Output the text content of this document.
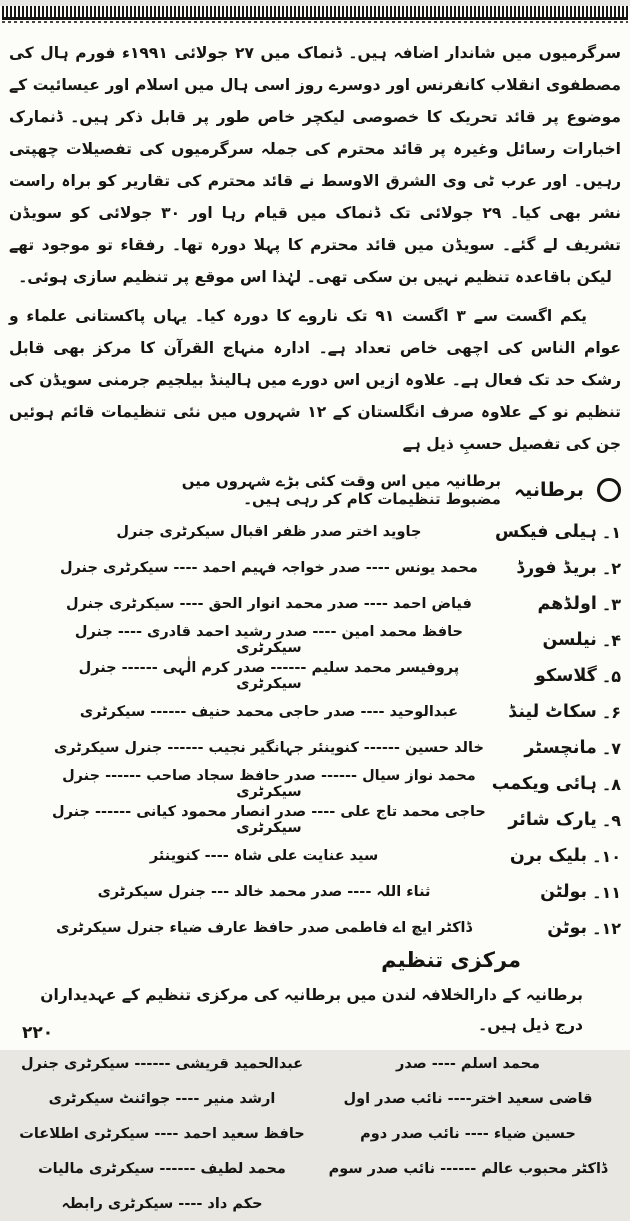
سرگرمیوں میں شاندار اضافہ ہیں۔ ڈنماک میں ۲۷ جولائی ۱۹۹۱ء فورم ہال کی مصطفوی انقلاب کانفرنس اور دوسرے روز اسی ہال میں اسلام اور عیسائیت کے موضوع پر قائد تحریک کا خصوصی لیکچر خاص طور پر قابل ذکر ہیں۔ ڈنمارک اخبارات رسائل وغیرہ پر قائد محترم کی جملہ سرگرمیوں کی تفصیلات چھپتی رہیں۔ اور عرب ٹی وی الشرق الاوسط نے قائد محترم کی تقاریر کو براہ راست نشر بھی کیا۔ ۲۹ جولائی تک ڈنماک میں قیام رہا اور ۳۰ جولائی کو سویڈن تشریف لے گئے۔ سویڈن میں قائد محترم کا پہلا دورہ تھا۔ رفقاء تو موجود تھے لیکن باقاعدہ تنظیم نہیں بن سکی تھی۔ لہٰذا اس موقع پر تنظیم سازی ہوئی۔
یکم اگست سے ۳ اگست ۹۱ تک ناروے کا دورہ کیا۔ یہاں پاکستانی علماء و عوام الناس کی اچھی خاص تعداد ہے۔ ادارہ منہاج القرآن کا مرکز بھی قابل رشک حد تک فعال ہے۔ علاوہ ازیں اس دورے میں ہالینڈ بیلجیم جرمنی سویڈن کی تنظیم نو کے علاوہ صرف انگلستان کے ۱۲ شہروں میں نئی تنظیمات قائم ہوئیں جن کی تفصیل حسبِ ذیل ہے
برطانیہ
برطانیہ میں اس وقت کئی بڑے شہروں میں مضبوط تنظیمات کام کر رہی ہیں۔
۱۔
ہیلی فیکس
جاوید اختر صدر ظفر اقبال سیکرٹری جنرل
۲۔
بریڈ فورڈ
محمد یونس ---- صدر خواجہ فہیم احمد ---- سیکرٹری جنرل
۳۔
اولڈھم
فیاض احمد ---- صدر محمد انوار الحق ---- سیکرٹری جنرل
۴۔
نیلسن
حافظ محمد امین ---- صدر رشید احمد قادری ---- جنرل سیکرٹری
۵۔
گلاسکو
پروفیسر محمد سلیم ------ صدر کرم الٰہی ------ جنرل سیکرٹری
۶۔
سکاٹ لینڈ
عبدالوحید ---- صدر حاجی محمد حنیف ------ سیکرٹری
۷۔
مانچسٹر
خالد حسین ------ کنوینئر جہانگیر نجیب ------ جنرل سیکرٹری
۸۔
ہائی ویکمب
محمد نواز سیال ------ صدر حافظ سجاد صاحب ------ جنرل سیکرٹری
۹۔
یارک شائر
حاجی محمد تاج علی ---- صدر انصار محمود کیانی ------ جنرل سیکرٹری
۱۰۔
بلیک برن
سید عنایت علی شاہ ---- کنوینئر
۱۱۔
بولٹن
ثناء اللہ ---- صدر محمد خالد --- جنرل سیکرٹری
۱۲۔
بوٹن
ڈاکٹر ایچ اے فاطمی صدر حافظ عارف ضیاء جنرل سیکرٹری
مرکزی تنظیم
برطانیہ کے دارالخلافہ لندن میں برطانیہ کی مرکزی تنظیم کے عہدیداران درج ذیل ہیں۔
محمد اسلم ---- صدر
عبدالحمید قریشی ------ سیکرٹری جنرل
قاضی سعید اختر---- نائب صدر اول
ارشد منیر ---- جوائنٹ سیکرٹری
حسین ضیاء ---- نائب صدر دوم
حافظ سعید احمد ---- سیکرٹری اطلاعات
ڈاکٹر محبوب عالم ------ نائب صدر سوم
محمد لطیف ------ سیکرٹری مالیات
حکم داد ---- سیکرٹری رابطہ
۲۲۰
